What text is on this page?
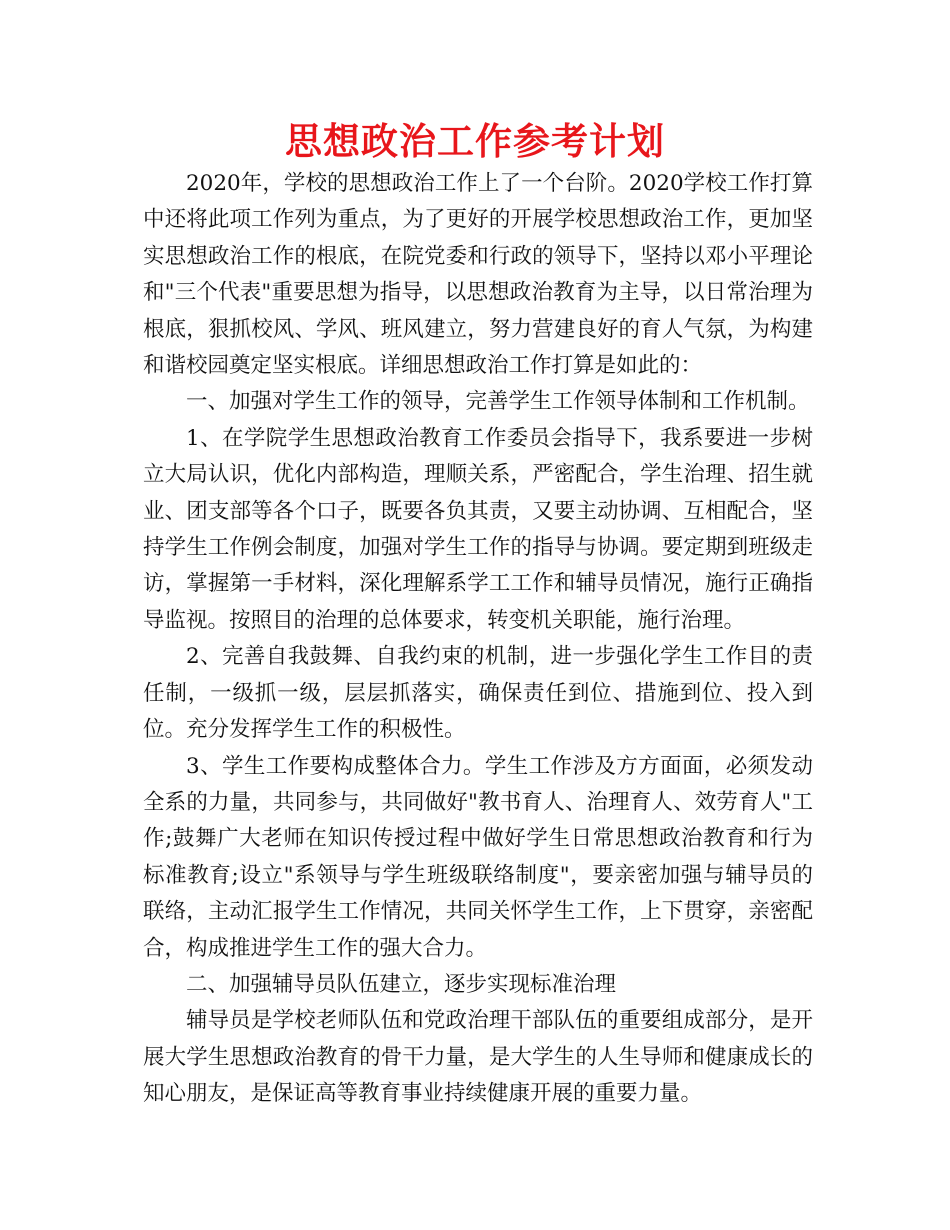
思想政治工作参考计划

2020年，学校的思想政治工作上了一个台阶。2020学校工作打算中还将此项工作列为重点，为了更好的开展学校思想政治工作，更加坚实思想政治工作的根底，在院党委和行政的领导下，坚持以邓小平理论和"三个代表"重要思想为指导，以思想政治教育为主导，以日常治理为根底，狠抓校风、学风、班风建立，努力营建良好的育人气氛，为构建和谐校园奠定坚实根底。详细思想政治工作打算是如此的：

一、加强对学生工作的领导，完善学生工作领导体制和工作机制。

1、在学院学生思想政治教育工作委员会指导下，我系要进一步树立大局认识，优化内部构造，理顺关系，严密配合，学生治理、招生就业、团支部等各个口子，既要各负其责，又要主动协调、互相配合，坚持学生工作例会制度，加强对学生工作的指导与协调。要定期到班级走访，掌握第一手材料，深化理解系学工工作和辅导员情况，施行正确指导监视。按照目的治理的总体要求，转变机关职能，施行治理。

2、完善自我鼓舞、自我约束的机制，进一步强化学生工作目的责任制，一级抓一级，层层抓落实，确保责任到位、措施到位、投入到位。充分发挥学生工作的积极性。

3、学生工作要构成整体合力。学生工作涉及方方面面，必须发动全系的力量，共同参与，共同做好"教书育人、治理育人、效劳育人"工作;鼓舞广大老师在知识传授过程中做好学生日常思想政治教育和行为标准教育;设立"系领导与学生班级联络制度"，要亲密加强与辅导员的联络，主动汇报学生工作情况，共同关怀学生工作，上下贯穿，亲密配合，构成推进学生工作的强大合力。

二、加强辅导员队伍建立，逐步实现标准治理

辅导员是学校老师队伍和党政治理干部队伍的重要组成部分，是开展大学生思想政治教育的骨干力量，是大学生的人生导师和健康成长的知心朋友，是保证高等教育事业持续健康开展的重要力量。
